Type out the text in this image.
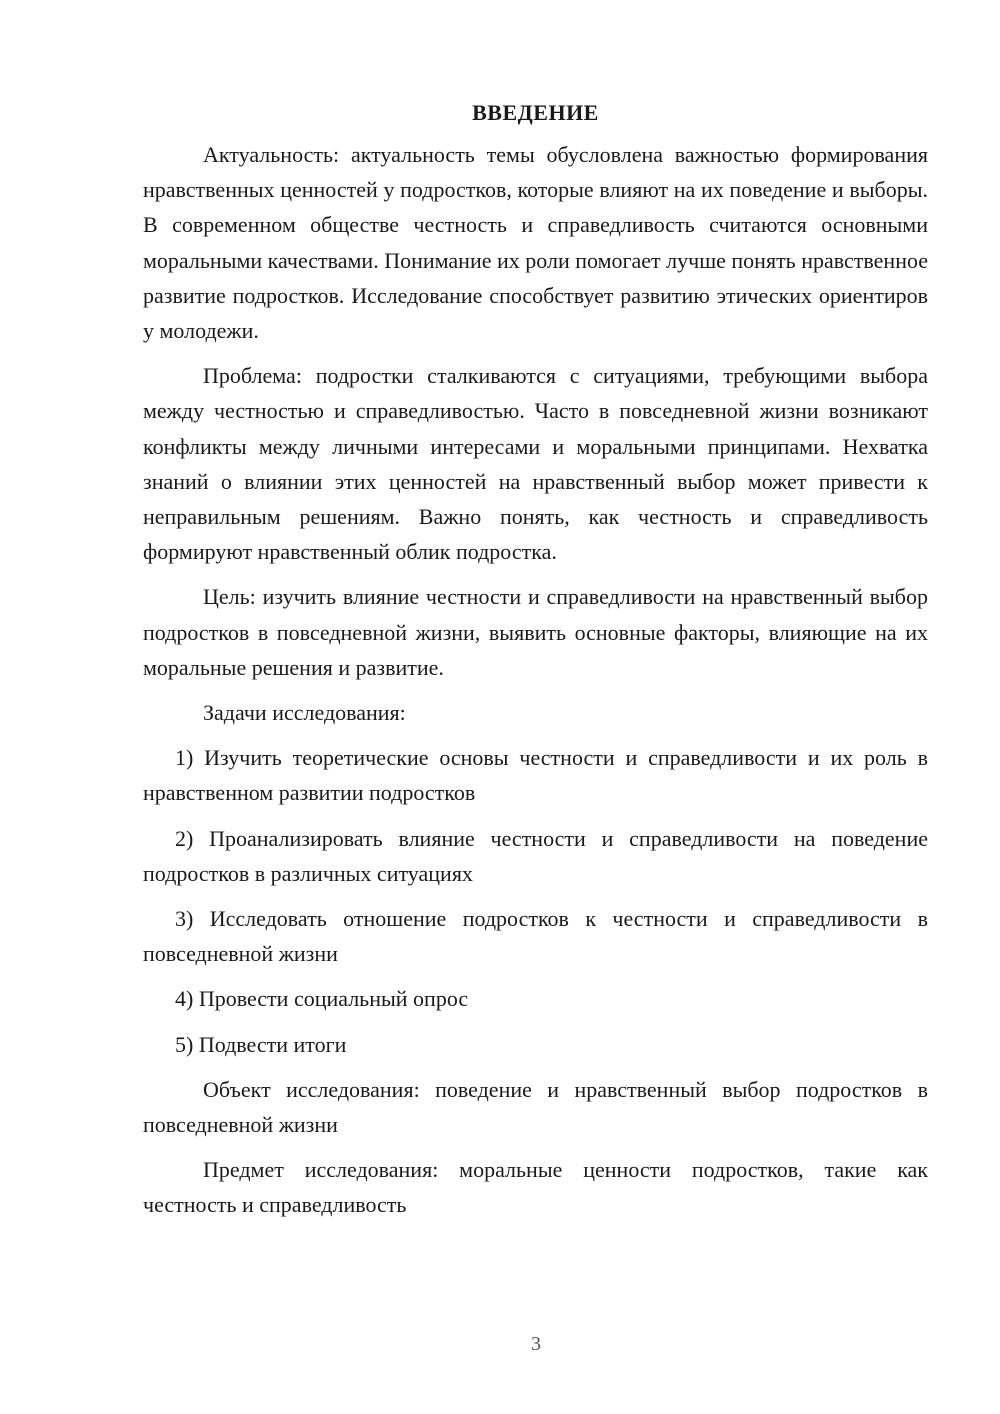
ВВЕДЕНИЕ

Актуальность: актуальность темы обусловлена важностью формирования нравственных ценностей у подростков, которые влияют на их поведение и выборы. В современном обществе честность и справедливость считаются основными моральными качествами. Понимание их роли помогает лучше понять нравственное развитие подростков. Исследование способствует развитию этических ориентиров у молодежи.

Проблема: подростки сталкиваются с ситуациями, требующими выбора между честностью и справедливостью. Часто в повседневной жизни возникают конфликты между личными интересами и моральными принципами. Нехватка знаний о влиянии этих ценностей на нравственный выбор может привести к неправильным решениям. Важно понять, как честность и справедливость формируют нравственный облик подростка.

Цель: изучить влияние честности и справедливости на нравственный выбор подростков в повседневной жизни, выявить основные факторы, влияющие на их моральные решения и развитие.

Задачи исследования:

1) Изучить теоретические основы честности и справедливости и их роль в нравственном развитии подростков

2) Проанализировать влияние честности и справедливости на поведение подростков в различных ситуациях

3) Исследовать отношение подростков к честности и справедливости в повседневной жизни

4) Провести социальный опрос

5) Подвести итоги

Объект исследования: поведение и нравственный выбор подростков в повседневной жизни

Предмет исследования: моральные ценности подростков, такие как честность и справедливость

3
